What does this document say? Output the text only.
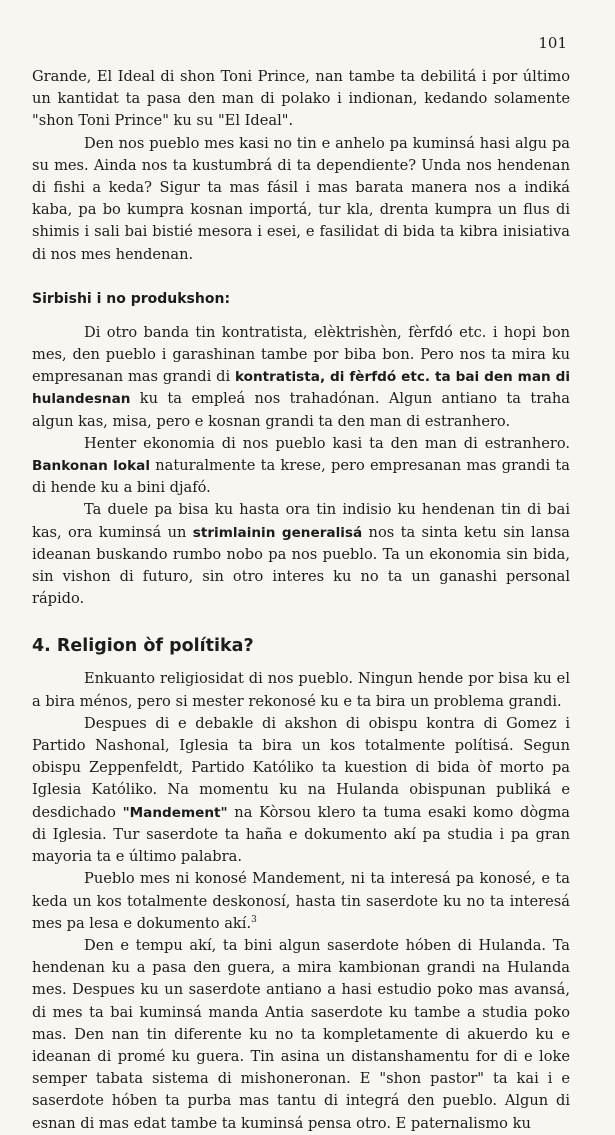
101

Grande, El Ideal di shon Toni Prince, nan tambe ta debilitá i por último un kantidat ta pasa den man di polako i indionan, kedando solamente "shon Toni Prince" ku su "El Ideal".

Den nos pueblo mes kasi no tin e anhelo pa kuminsá hasi algu pa su mes. Ainda nos ta kustumbrá di ta dependiente? Unda nos hendenan di fishi a keda? Sigur ta mas fásil i mas barata manera nos a indiká kaba, pa bo kumpra kosnan importá, tur kla, drenta kumpra un flus di shimis i sali bai bistié mesora i esei, e fasilidat di bida ta kibra inisiativa di nos mes hendenan.

Sirbishi i no produkshon:

Di otro banda tin kontratista, elèktrishèn, fèrfdó etc. i hopi bon mes, den pueblo i garashinan tambe por biba bon. Pero nos ta mira ku empresanan mas grandi di kontratista, di fèrfdó etc. ta bai den man di hulandesnan ku ta empleá nos trahadónan. Algun antiano ta traha algun kas, misa, pero e kosnan grandi ta den man di estranhero.

Henter ekonomia di nos pueblo kasi ta den man di estranhero. Bankonan lokal naturalmente ta krese, pero empresanan mas grandi ta di hende ku a bini djafó.

Ta duele pa bisa ku hasta ora tin indisio ku hendenan tin di bai kas, ora kuminsá un strimlainin generalisá nos ta sinta ketu sin lansa ideanan buskando rumbo nobo pa nos pueblo. Ta un ekonomia sin bida, sin vishon di futuro, sin otro interes ku no ta un ganashi personal rápido.

4. Religion òf polítika?

Enkuanto religiosidat di nos pueblo. Ningun hende por bisa ku el a bira ménos, pero si mester rekonosé ku e ta bira un problema grandi.

Despues di e debakle di akshon di obispu kontra di Gomez i Partido Nashonal, Iglesia ta bira un kos totalmente polítisá. Segun obispu Zeppenfeldt, Partido Katóliko ta kuestion di bida òf morto pa Iglesia Katóliko. Na momentu ku na Hulanda obispunan publiká e desdichado "Mandement" na Kòrsou klero ta tuma esaki komo dògma di Iglesia. Tur saserdote ta haña e dokumento akí pa studia i pa gran mayoria ta e último palabra.

Pueblo mes ni konosé Mandement, ni ta interesá pa konosé, e ta keda un kos totalmente deskonosí, hasta tin saserdote ku no ta interesá mes pa lesa e dokumento akí.$^3$

Den e tempu akí, ta bini algun saserdote hóben di Hulanda. Ta hendenan ku a pasa den guera, a mira kambionan grandi na Hulanda mes. Despues ku un saserdote antiano a hasi estudio poko mas avansá, di mes ta bai kuminsá manda Antia saserdote ku tambe a studia poko mas. Den nan tin diferente ku no ta kompletamente di akuerdo ku e ideanan di promé ku guera. Tin asina un distanshamentu for di e loke semper tabata sistema di mishoneronan. E "shon pastor" ta kai i e saserdote hóben ta purba mas tantu di integrá den pueblo. Algun di esnan di mas edat tambe ta kuminsá pensa otro. E paternalismo ku
